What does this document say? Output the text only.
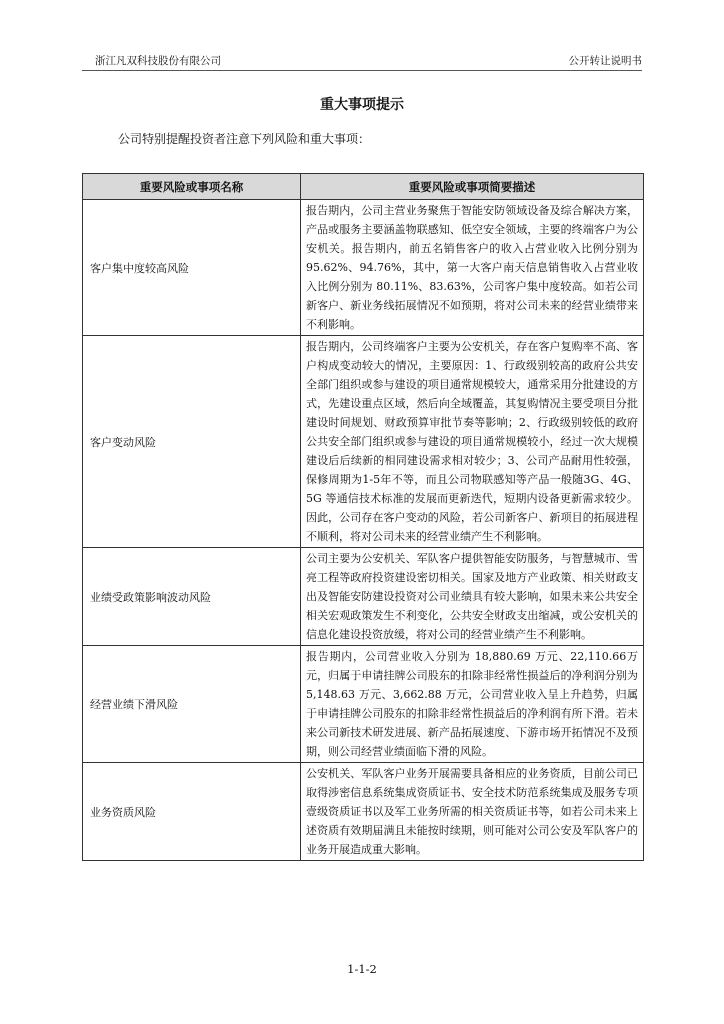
浙江凡双科技股份有限公司	公开转让说明书
重大事项提示
公司特别提醒投资者注意下列风险和重大事项：
重要风险或事项名称	重要风险或事项简要描述
客户集中度较高风险	报告期内，公司主营业务聚焦于智能安防领域设备及综合解决方案，产品或服务主要涵盖物联感知、低空安全领域，主要的终端客户为公安机关。报告期内，前五名销售客户的收入占营业收入比例分别为95.62%、94.76%，其中，第一大客户南天信息销售收入占营业收入比例分别为 80.11%、83.63%，公司客户集中度较高。如若公司新客户、新业务线拓展情况不如预期，将对公司未来的经营业绩带来不利影响。
客户变动风险	报告期内，公司终端客户主要为公安机关，存在客户复购率不高、客户构成变动较大的情况，主要原因：1、行政级别较高的政府公共安全部门组织或参与建设的项目通常规模较大，通常采用分批建设的方式，先建设重点区域，然后向全域覆盖，其复购情况主要受项目分批建设时间规划、财政预算审批节奏等影响；2、行政级别较低的政府公共安全部门组织或参与建设的项目通常规模较小，经过一次大规模建设后后续新的相同建设需求相对较少；3、公司产品耐用性较强，保修周期为1-5年不等，而且公司物联感知等产品一般随3G、4G、5G 等通信技术标准的发展而更新迭代，短期内设备更新需求较少。因此，公司存在客户变动的风险，若公司新客户、新项目的拓展进程不顺利，将对公司未来的经营业绩产生不利影响。
业绩受政策影响波动风险	公司主要为公安机关、军队客户提供智能安防服务，与智慧城市、雪亮工程等政府投资建设密切相关。国家及地方产业政策、相关财政支出及智能安防建设投资对公司业绩具有较大影响，如果未来公共安全相关宏观政策发生不利变化，公共安全财政支出缩减，或公安机关的信息化建设投资放缓，将对公司的经营业绩产生不利影响。
经营业绩下滑风险	报告期内，公司营业收入分别为 18,880.69 万元、22,110.66万元，归属于申请挂牌公司股东的扣除非经常性损益后的净利润分别为 5,148.63 万元、3,662.88 万元，公司营业收入呈上升趋势，归属于申请挂牌公司股东的扣除非经常性损益后的净利润有所下滑。若未来公司新技术研发进展、新产品拓展速度、下游市场开拓情况不及预期，则公司经营业绩面临下滑的风险。
业务资质风险	公安机关、军队客户业务开展需要具备相应的业务资质，目前公司已取得涉密信息系统集成资质证书、安全技术防范系统集成及服务专项壹级资质证书以及军工业务所需的相关资质证书等，如若公司未来上述资质有效期届满且未能按时续期，则可能对公司公安及军队客户的业务开展造成重大影响。
1-1-2
